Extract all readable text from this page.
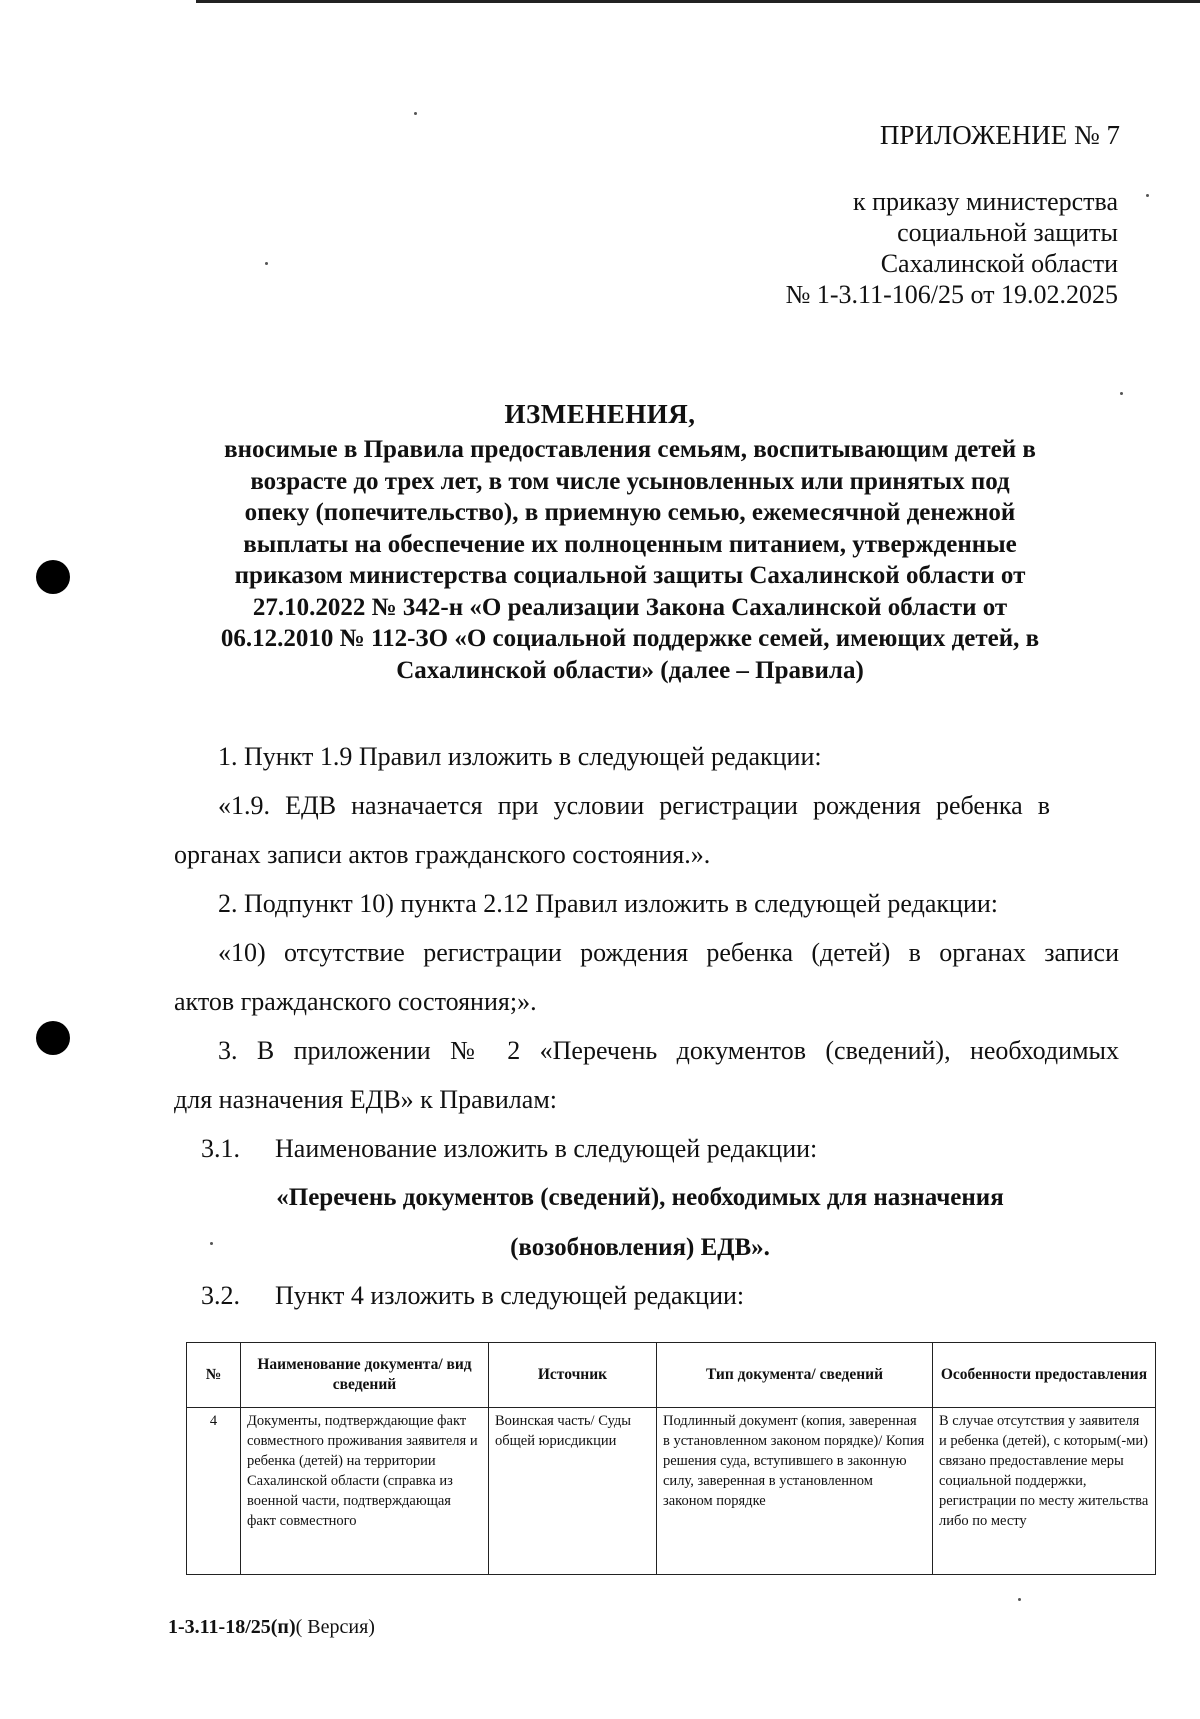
ПРИЛОЖЕНИЕ № 7
к приказу министерства
социальной защиты
Сахалинской области
№ 1-3.11-106/25 от 19.02.2025
ИЗМЕНЕНИЯ,
вносимые в Правила предоставления семьям, воспитывающим детей в
возрасте до трех лет, в том числе усыновленных или принятых под
опеку (попечительство), в приемную семью, ежемесячной денежной
выплаты на обеспечение их полноценным питанием, утвержденные
приказом министерства социальной защиты Сахалинской области от
27.10.2022 № 342-н «О реализации Закона Сахалинской области от
06.12.2010 № 112-ЗО «О социальной поддержке семей, имеющих детей, в
Сахалинской области» (далее – Правила)
1. Пункт 1.9 Правил изложить в следующей редакции:
«1.9. ЕДВ назначается при условии регистрации рождения ребенка в
органах записи актов гражданского состояния.».
2. Подпункт 10) пункта 2.12 Правил изложить в следующей редакции:
«10) отсутствие регистрации рождения ребенка (детей) в органах записи
актов гражданского состояния;».
3. В приложении № 2 «Перечень документов (сведений), необходимых
для назначения ЕДВ» к Правилам:
3.1. Наименование изложить в следующей редакции:
«Перечень документов (сведений), необходимых для назначения
(возобновления) ЕДВ».
3.2. Пункт 4 изложить в следующей редакции:
№	Наименование документа/ вид сведений	Источник	Тип документа/ сведений	Особенности предоставления

4	Документы, подтверждающие факт совместного проживания заявителя и ребенка (детей) на территории Сахалинской области (справка из военной части, подтверждающая факт совместного	Воинская часть/ Суды общей юрисдикции	Подлинный документ (копия, заверенная в установленном законом порядке)/ Копия решения суда, вступившего в законную силу, заверенная в установленном законом порядке	В случае отсутствия у заявителя и ребенка (детей), с которым(-ми) связано предоставление меры социальной поддержки, регистрации по месту жительства либо по месту
1-3.11-18/25(п)( Версия)
